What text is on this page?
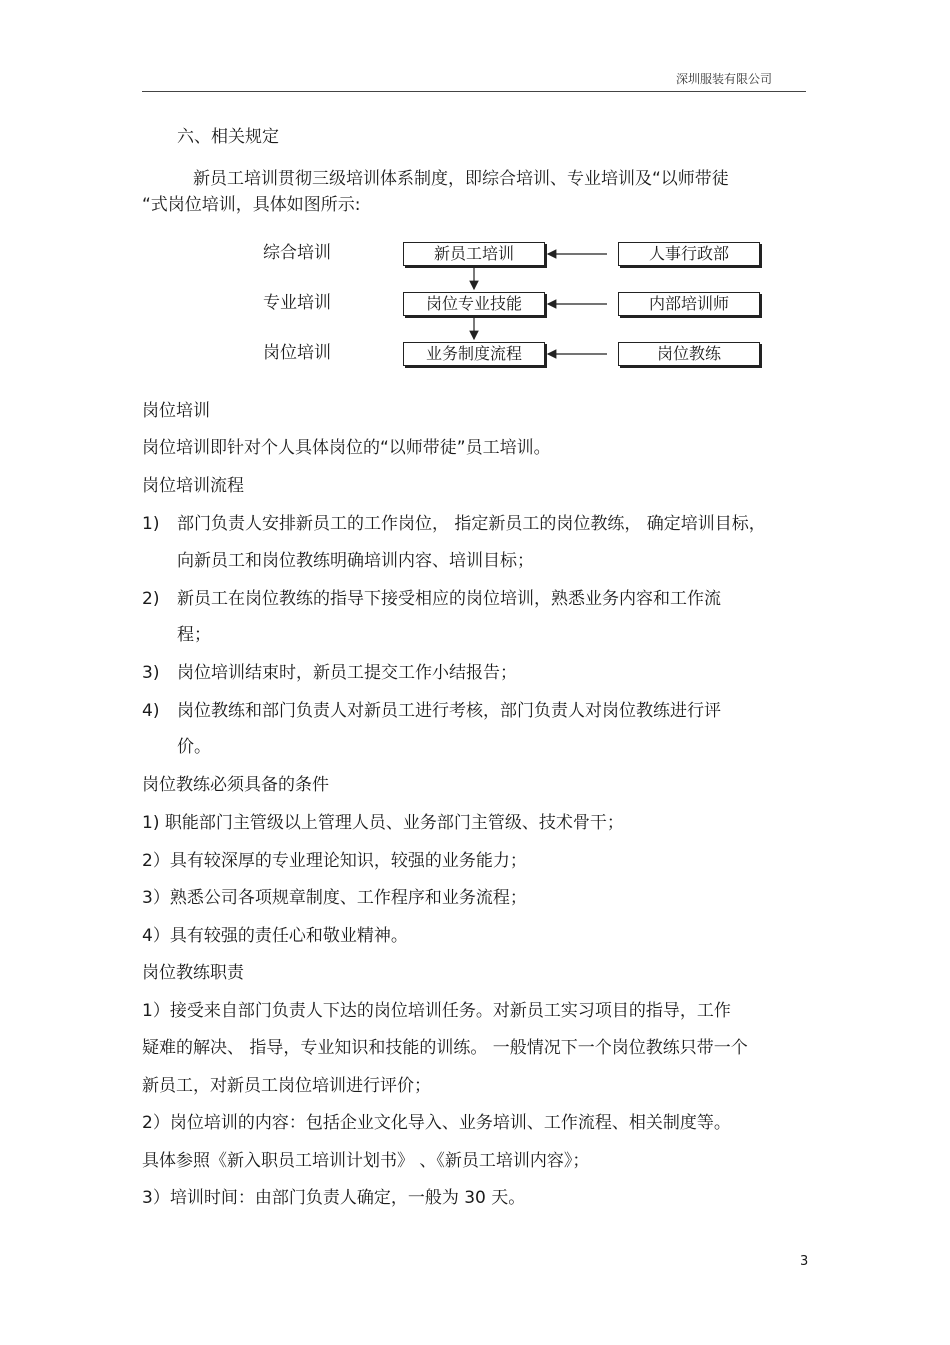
深圳服装有限公司
六、相关规定
新员工培训贯彻三级培训体系制度，即综合培训、专业培训及“以师带徒
“式岗位培训，具体如图所示:
综合培训
专业培训
岗位培训
新员工培训
岗位专业技能
业务制度流程
人事行政部
内部培训师
岗位教练
岗位培训
岗位培训即针对个人具体岗位的“以师带徒”员工培训。
岗位培训流程
1) 部门负责人安排新员工的工作岗位， 指定新员工的岗位教练， 确定培训目标，
向新员工和岗位教练明确培训内容、培训目标；
2) 新员工在岗位教练的指导下接受相应的岗位培训，熟悉业务内容和工作流
程；
3) 岗位培训结束时，新员工提交工作小结报告；
4) 岗位教练和部门负责人对新员工进行考核，部门负责人对岗位教练进行评
价。
岗位教练必须具备的条件
1) 职能部门主管级以上管理人员、业务部门主管级、技术骨干；
2）具有较深厚的专业理论知识，较强的业务能力；
3）熟悉公司各项规章制度、工作程序和业务流程；
4）具有较强的责任心和敬业精神。
岗位教练职责
1）接受来自部门负责人下达的岗位培训任务。对新员工实习项目的指导，工作
疑难的解决、 指导，专业知识和技能的训练。 一般情况下一个岗位教练只带一个
新员工，对新员工岗位培训进行评价；
2）岗位培训的内容：包括企业文化导入、业务培训、工作流程、相关制度等。
具体参照《新入职员工培训计划书》 、《新员工培训内容》；
3）培训时间：由部门负责人确定，一般为 30 天。
3
